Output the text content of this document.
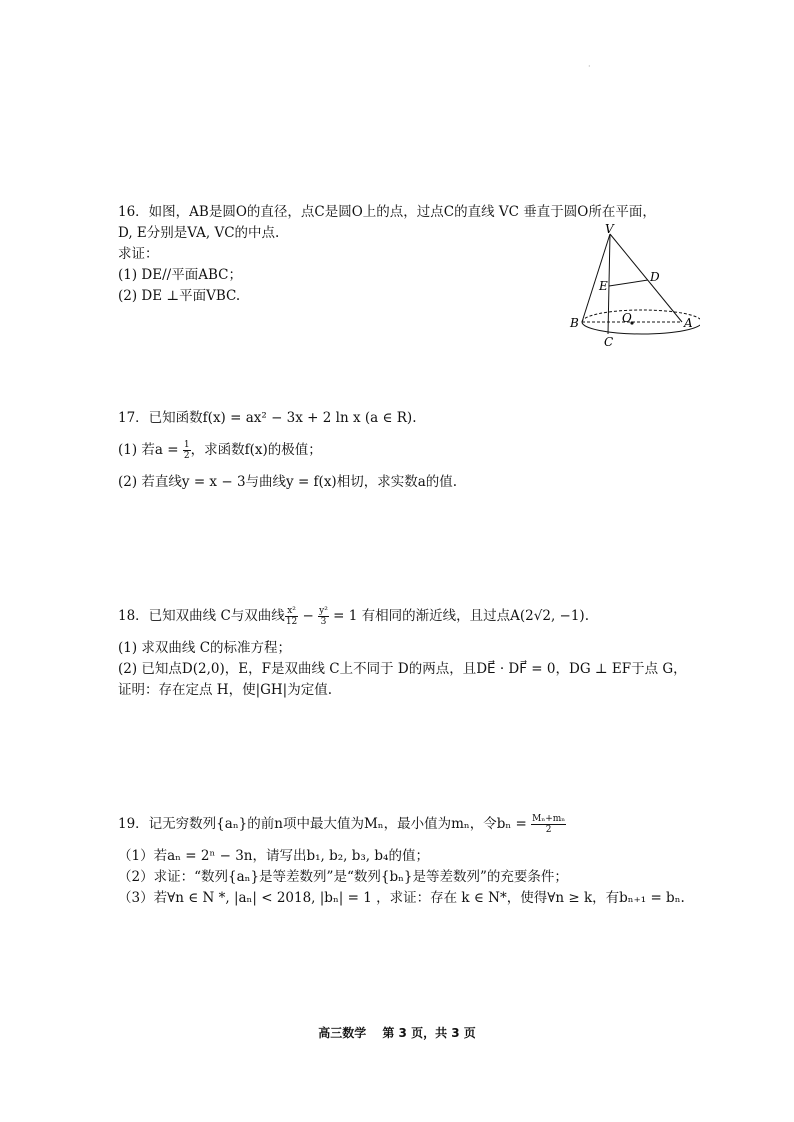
·
16．如图，AB是圆O的直径，点C是圆O上的点，过点C的直线 VC 垂直于圆O所在平面，
D, E分别是VA, VC的中点.
求证：
(1) DE//平面ABC；
(2) DE ⊥平面VBC.
V
D
E
B	O	A
C
17．已知函数f(x) = ax² − 3x + 2 ln x (a ∈ R).
(1) 若$a = \frac{1}{2}$ ，求函数f(x)的极值；
(2) 若直线y = x − 3与曲线y = f(x)相切，求实数a的值.
18．已知双曲线 C与双曲线 $\frac{\text{x²}}{12} - \frac{\text{y²}}{3} = 1$ 有相同的渐近线，且过点A(2√2, −1).
(1) 求双曲线 C的标准方程；
(2) 已知点D(2,0)，E，F是双曲线 C上不同于 D的两点，且DE⃗ · DF⃗ = 0，DG ⊥ EF于点 G，
证明：存在定点 H，使|GH|为定值.
19．记无穷数列{aₙ}的前n项中最大值为Mₙ，最小值为mₙ，令$b_n = \frac{\text{Mₙ+mₙ}}{2}$
（1）若aₙ = 2ⁿ − 3n，请写出b₁, b₂, b₃, b₄的值；
（2）求证：“数列{aₙ}是等差数列”是“数列{bₙ}是等差数列”的充要条件；
（3）若∀n ∈ N *, |aₙ| < 2018, |bₙ| = 1 ，求证：存在 k ∈ N*，使得∀n ≥ k，有bₙ₊₁ = bₙ.
高三数学　 第 3 页，共 3 页
